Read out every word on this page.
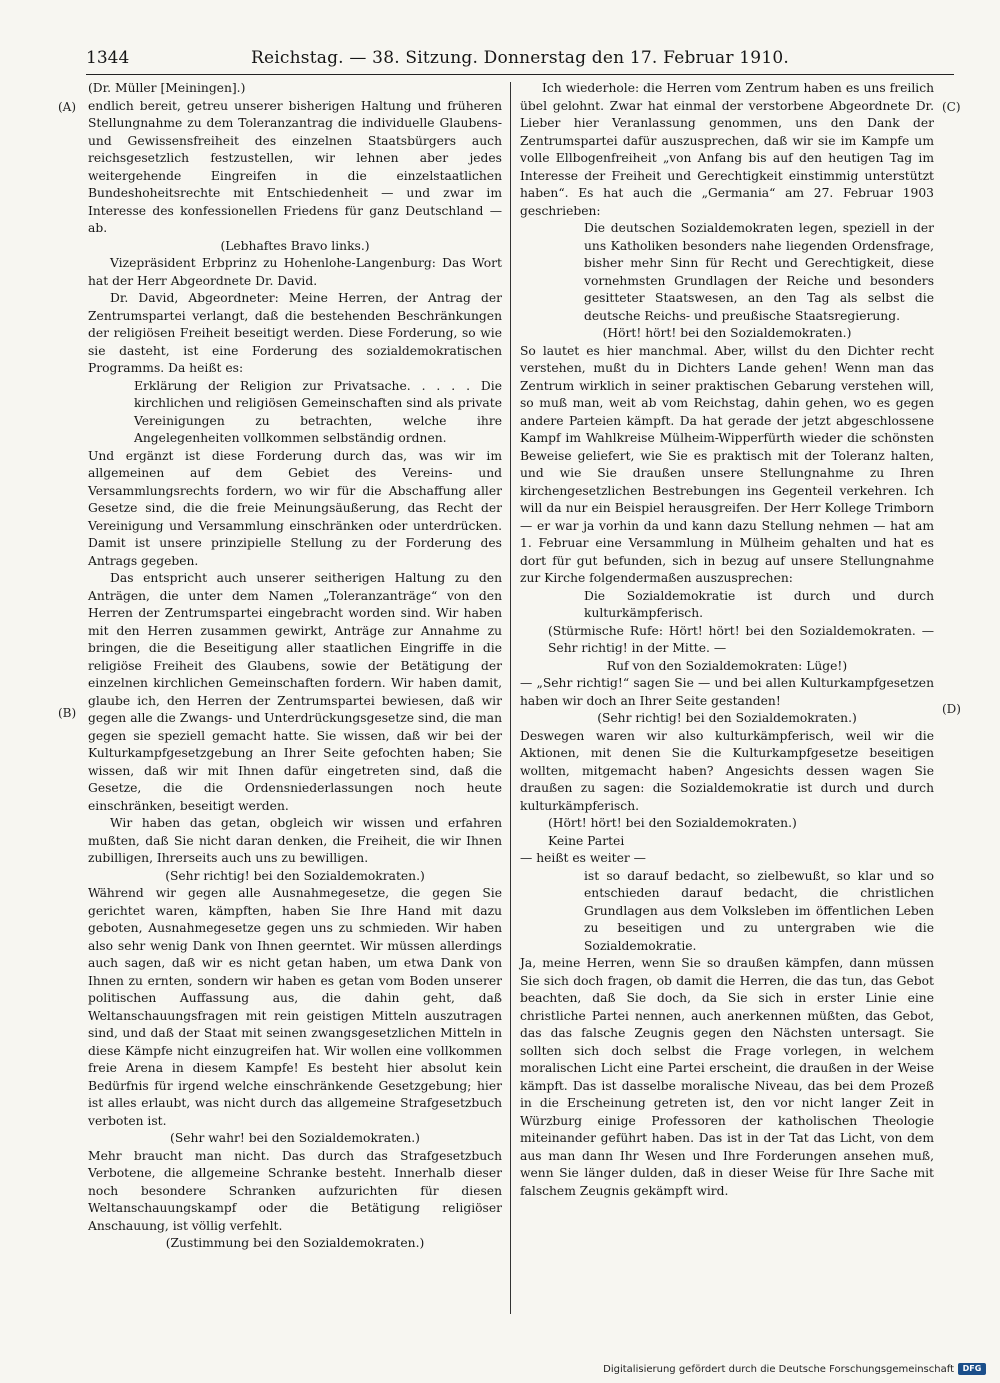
1344	Reichstag. — 38. Sitzung. Donnerstag den 17. Februar 1910.
(A)
(B)
(C)
(D)

(Dr. Müller [Meiningen].)

endlich bereit, getreu unserer bisherigen Haltung und früheren Stellungnahme zu dem Toleranzantrag die individuelle Glaubens- und Gewissensfreiheit des einzelnen Staatsbürgers auch reichsgesetzlich festzustellen, wir lehnen aber jedes weitergehende Eingreifen in die einzelstaatlichen Bundeshoheitsrechte mit Entschiedenheit — und zwar im Interesse des konfessionellen Friedens für ganz Deutschland — ab.

(Lebhaftes Bravo links.)

Vizepräsident Erbprinz zu Hohenlohe-Langenburg: Das Wort hat der Herr Abgeordnete Dr. David.

Dr. David, Abgeordneter: Meine Herren, der Antrag der Zentrumspartei verlangt, daß die bestehenden Beschränkungen der religiösen Freiheit beseitigt werden. Diese Forderung, so wie sie dasteht, ist eine Forderung des sozialdemokratischen Programms. Da heißt es:

Erklärung der Religion zur Privatsache. . . . . Die kirchlichen und religiösen Gemeinschaften sind als private Vereinigungen zu betrachten, welche ihre Angelegenheiten vollkommen selbständig ordnen.

Und ergänzt ist diese Forderung durch das, was wir im allgemeinen auf dem Gebiet des Vereins- und Versammlungsrechts fordern, wo wir für die Abschaffung aller Gesetze sind, die die freie Meinungsäußerung, das Recht der Vereinigung und Versammlung einschränken oder unterdrücken. Damit ist unsere prinzipielle Stellung zu der Forderung des Antrags gegeben.

Das entspricht auch unserer seitherigen Haltung zu den Anträgen, die unter dem Namen „Toleranzanträge“ von den Herren der Zentrumspartei eingebracht worden sind. Wir haben mit den Herren zusammen gewirkt, Anträge zur Annahme zu bringen, die die Beseitigung aller staatlichen Eingriffe in die religiöse Freiheit des Glaubens, sowie der Betätigung der einzelnen kirchlichen Gemeinschaften fordern. Wir haben damit, glaube ich, den Herren der Zentrumspartei bewiesen, daß wir gegen alle die Zwangs- und Unterdrückungsgesetze sind, die man gegen sie speziell gemacht hatte. Sie wissen, daß wir bei der Kulturkampfgesetzgebung an Ihrer Seite gefochten haben; Sie wissen, daß wir mit Ihnen dafür eingetreten sind, daß die Gesetze, die die Ordensniederlassungen noch heute einschränken, beseitigt werden.

Wir haben das getan, obgleich wir wissen und erfahren mußten, daß Sie nicht daran denken, die Freiheit, die wir Ihnen zubilligen, Ihrerseits auch uns zu bewilligen.

(Sehr richtig! bei den Sozialdemokraten.)

Während wir gegen alle Ausnahmegesetze, die gegen Sie gerichtet waren, kämpften, haben Sie Ihre Hand mit dazu geboten, Ausnahmegesetze gegen uns zu schmieden. Wir haben also sehr wenig Dank von Ihnen geerntet. Wir müssen allerdings auch sagen, daß wir es nicht getan haben, um etwa Dank von Ihnen zu ernten, sondern wir haben es getan vom Boden unserer politischen Auffassung aus, die dahin geht, daß Weltanschauungsfragen mit rein geistigen Mitteln auszutragen sind, und daß der Staat mit seinen zwangsgesetzlichen Mitteln in diese Kämpfe nicht einzugreifen hat. Wir wollen eine vollkommen freie Arena in diesem Kampfe! Es besteht hier absolut kein Bedürfnis für irgend welche einschränkende Gesetzgebung; hier ist alles erlaubt, was nicht durch das allgemeine Strafgesetzbuch verboten ist.

(Sehr wahr! bei den Sozialdemokraten.)

Mehr braucht man nicht. Das durch das Strafgesetzbuch Verbotene, die allgemeine Schranke besteht. Innerhalb dieser noch besondere Schranken aufzurichten für diesen Weltanschauungskampf oder die Betätigung religiöser Anschauung, ist völlig verfehlt.

(Zustimmung bei den Sozialdemokraten.)

Ich wiederhole: die Herren vom Zentrum haben es uns freilich übel gelohnt. Zwar hat einmal der verstorbene Abgeordnete Dr. Lieber hier Veranlassung genommen, uns den Dank der Zentrumspartei dafür auszusprechen, daß wir sie im Kampfe um volle Ellbogenfreiheit „von Anfang bis auf den heutigen Tag im Interesse der Freiheit und Gerechtigkeit einstimmig unterstützt haben“. Es hat auch die „Germania“ am 27. Februar 1903 geschrieben:

Die deutschen Sozialdemokraten legen, speziell in der uns Katholiken besonders nahe liegenden Ordensfrage, bisher mehr Sinn für Recht und Gerechtigkeit, diese vornehmsten Grundlagen der Reiche und besonders gesitteter Staatswesen, an den Tag als selbst die deutsche Reichs- und preußische Staatsregierung.

(Hört! hört! bei den Sozialdemokraten.)

So lautet es hier manchmal. Aber, willst du den Dichter recht verstehen, mußt du in Dichters Lande gehen! Wenn man das Zentrum wirklich in seiner praktischen Gebarung verstehen will, so muß man, weit ab vom Reichstag, dahin gehen, wo es gegen andere Parteien kämpft. Da hat gerade der jetzt abgeschlossene Kampf im Wahlkreise Mülheim-Wipperfürth wieder die schönsten Beweise geliefert, wie Sie es praktisch mit der Toleranz halten, und wie Sie draußen unsere Stellungnahme zu Ihren kirchengesetzlichen Bestrebungen ins Gegenteil verkehren. Ich will da nur ein Beispiel herausgreifen. Der Herr Kollege Trimborn — er war ja vorhin da und kann dazu Stellung nehmen — hat am 1. Februar eine Versammlung in Mülheim gehalten und hat es dort für gut befunden, sich in bezug auf unsere Stellungnahme zur Kirche folgendermaßen auszusprechen:

Die Sozialdemokratie ist durch und durch kulturkämpferisch.

(Stürmische Rufe: Hört! hört! bei den Sozialdemokraten. — Sehr richtig! in der Mitte. —

Ruf von den Sozialdemokraten: Lüge!)

— „Sehr richtig!“ sagen Sie — und bei allen Kulturkampfgesetzen haben wir doch an Ihrer Seite gestanden!

(Sehr richtig! bei den Sozialdemokraten.)

Deswegen waren wir also kulturkämpferisch, weil wir die Aktionen, mit denen Sie die Kulturkampfgesetze beseitigen wollten, mitgemacht haben? Angesichts dessen wagen Sie draußen zu sagen: die Sozialdemokratie ist durch und durch kulturkämpferisch.

(Hört! hört! bei den Sozialdemokraten.)

Keine Partei

— heißt es weiter —

ist so darauf bedacht, so zielbewußt, so klar und so entschieden darauf bedacht, die christlichen Grundlagen aus dem Volksleben im öffentlichen Leben zu beseitigen und zu untergraben wie die Sozialdemokratie.

Ja, meine Herren, wenn Sie so draußen kämpfen, dann müssen Sie sich doch fragen, ob damit die Herren, die das tun, das Gebot beachten, daß Sie doch, da Sie sich in erster Linie eine christliche Partei nennen, auch anerkennen müßten, das Gebot, das das falsche Zeugnis gegen den Nächsten untersagt. Sie sollten sich doch selbst die Frage vorlegen, in welchem moralischen Licht eine Partei erscheint, die draußen in der Weise kämpft. Das ist dasselbe moralische Niveau, das bei dem Prozeß in die Erscheinung getreten ist, den vor nicht langer Zeit in Würzburg einige Professoren der katholischen Theologie miteinander geführt haben. Das ist in der Tat das Licht, von dem aus man dann Ihr Wesen und Ihre Forderungen ansehen muß, wenn Sie länger dulden, daß in dieser Weise für Ihre Sache mit falschem Zeugnis gekämpft wird.

Digitalisierung gefördert durch die Deutsche Forschungsgemeinschaft	DFG
